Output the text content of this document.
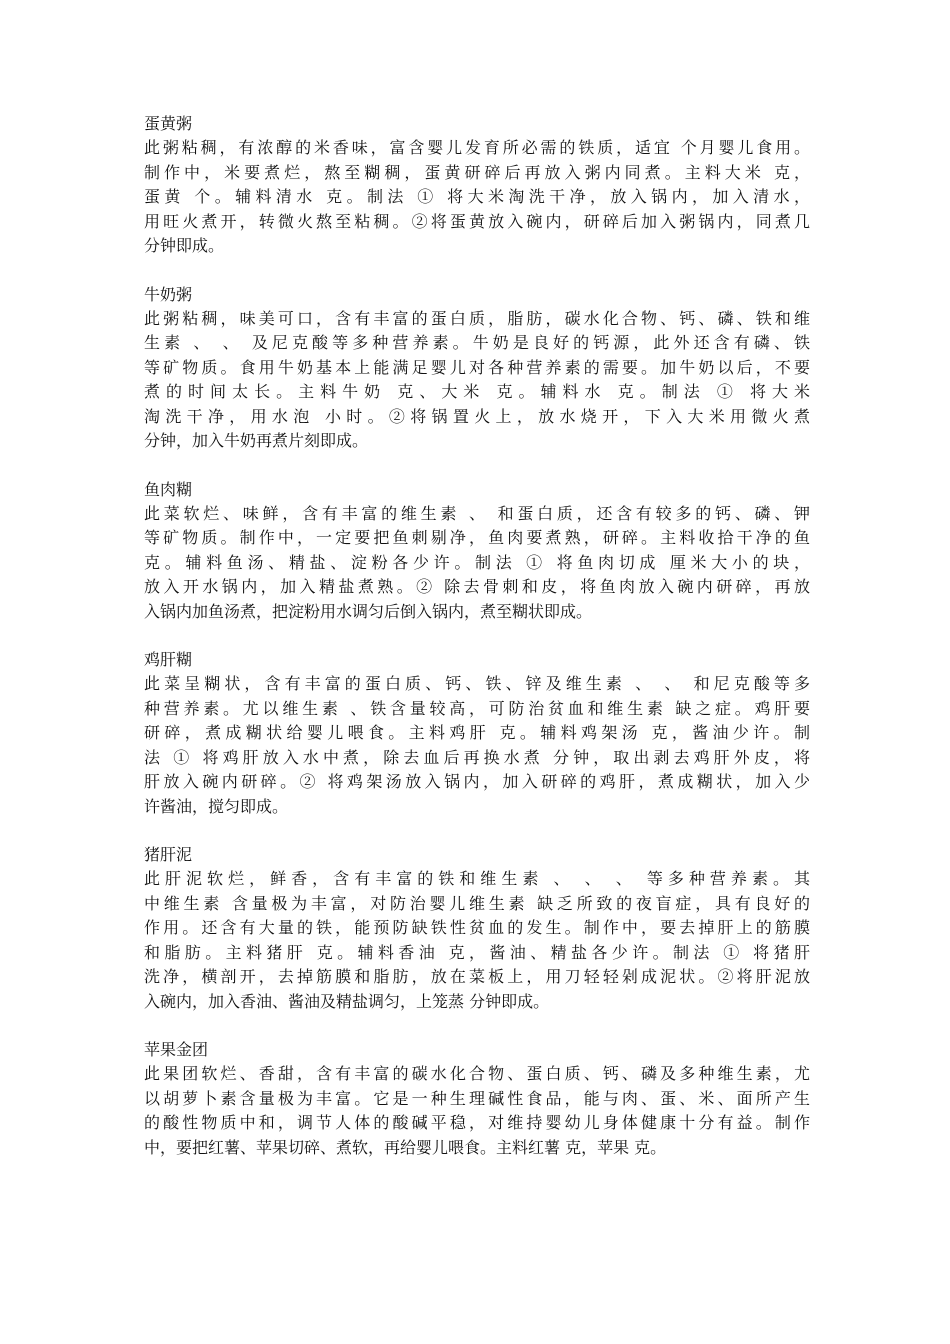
蛋黄粥
此粥粘稠，有浓醇的米香味，富含婴儿发育所必需的铁质，适宜 个月婴儿食用。
制作中，米要煮烂，熬至糊稠，蛋黄研碎后再放入粥内同煮。主料大米 克，
蛋黄 个。辅料清水 克。制法 ① 将大米淘洗干净，放入锅内，加入清水，
用旺火煮开，转微火熬至粘稠。②将蛋黄放入碗内，研碎后加入粥锅内，同煮几
分钟即成。
牛奶粥
此粥粘稠，味美可口，含有丰富的蛋白质，脂肪，碳水化合物、钙、磷、铁和维
生素 、 、 及尼克酸等多种营养素。牛奶是良好的钙源，此外还含有磷、铁
等矿物质。食用牛奶基本上能满足婴儿对各种营养素的需要。加牛奶以后，不要
煮的时间太长。主料牛奶 克、大米 克。辅料水 克。制法 ① 将大米
淘洗干净，用水泡 小时。②将锅置火上，放水烧开，下入大米用微火煮
分钟，加入牛奶再煮片刻即成。
鱼肉糊
此菜软烂、味鲜，含有丰富的维生素 、 和蛋白质，还含有较多的钙、磷、钾
等矿物质。制作中，一定要把鱼刺剔净，鱼肉要煮熟，研碎。主料收拾干净的鱼
克。辅料鱼汤、精盐、淀粉各少许。制法 ① 将鱼肉切成 厘米大小的块，
放入开水锅内，加入精盐煮熟。② 除去骨刺和皮，将鱼肉放入碗内研碎，再放
入锅内加鱼汤煮，把淀粉用水调匀后倒入锅内，煮至糊状即成。
鸡肝糊
此菜呈糊状，含有丰富的蛋白质、钙、铁、锌及维生素 、 、 和尼克酸等多
种营养素。尤以维生素 、铁含量较高，可防治贫血和维生素 缺之症。鸡肝要
研碎，煮成糊状给婴儿喂食。主料鸡肝 克。辅料鸡架汤 克，酱油少许。制
法 ① 将鸡肝放入水中煮，除去血后再换水煮 分钟，取出剥去鸡肝外皮，将
肝放入碗内研碎。② 将鸡架汤放入锅内，加入研碎的鸡肝，煮成糊状，加入少
许酱油，搅匀即成。
猪肝泥
此肝泥软烂，鲜香，含有丰富的铁和维生素 、 、 、 等多种营养素。其
中维生素 含量极为丰富，对防治婴儿维生素 缺乏所致的夜盲症，具有良好的
作用。还含有大量的铁，能预防缺铁性贫血的发生。制作中，要去掉肝上的筋膜
和脂肪。主料猪肝 克。辅料香油 克，酱油、精盐各少许。制法 ① 将猪肝
洗净，横剖开，去掉筋膜和脂肪，放在菜板上，用刀轻轻剁成泥状。②将肝泥放
入碗内，加入香油、酱油及精盐调匀，上笼蒸 分钟即成。
苹果金团
此果团软烂、香甜，含有丰富的碳水化合物、蛋白质、钙、磷及多种维生素，尤
以胡萝卜素含量极为丰富。它是一种生理碱性食品，能与肉、蛋、米、面所产生
的酸性物质中和，调节人体的酸碱平稳，对维持婴幼儿身体健康十分有益。制作
中，要把红薯、苹果切碎、煮软，再给婴儿喂食。主料红薯 克，苹果 克。
